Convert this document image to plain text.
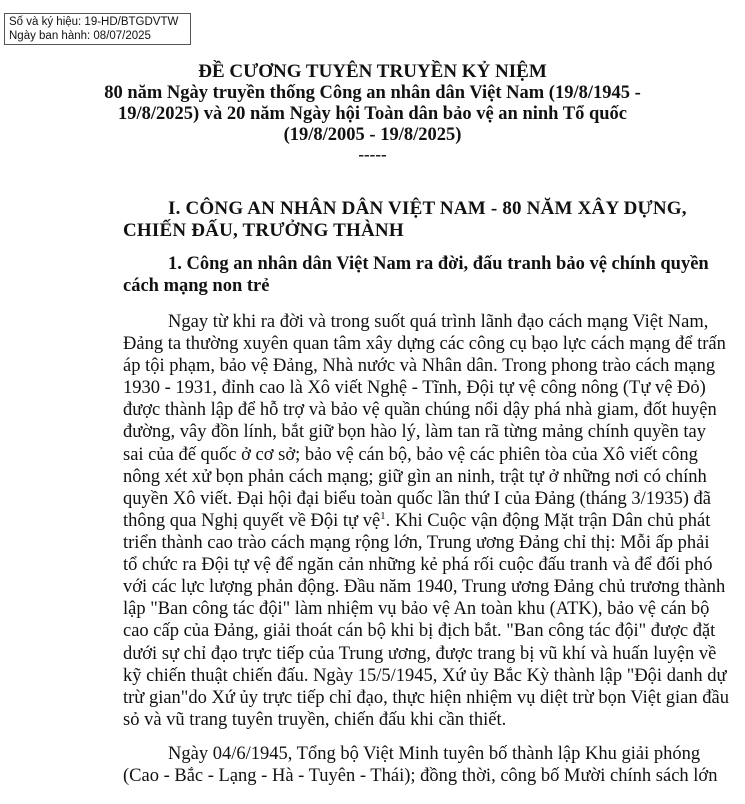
Số và ký hiệu: 19-HD/BTGDVTW
Ngày ban hành: 08/07/2025
ĐỀ CƯƠNG TUYÊN TRUYỀN KỶ NIỆM
80 năm Ngày truyền thống Công an nhân dân Việt Nam (19/8/1945 -
19/8/2025) và 20 năm Ngày hội Toàn dân bảo vệ an ninh Tổ quốc
(19/8/2005 - 19/8/2025)
-----
I. CÔNG AN NHÂN DÂN VIỆT NAM - 80 NĂM XÂY DỰNG,
CHIẾN ĐẤU, TRƯỞNG THÀNH
1. Công an nhân dân Việt Nam ra đời, đấu tranh bảo vệ chính quyền
cách mạng non trẻ
Ngay từ khi ra đời và trong suốt quá trình lãnh đạo cách mạng Việt Nam,
Đảng ta thường xuyên quan tâm xây dựng các công cụ bạo lực cách mạng để trấn
áp tội phạm, bảo vệ Đảng, Nhà nước và Nhân dân. Trong phong trào cách mạng
1930 - 1931, đỉnh cao là Xô viết Nghệ - Tĩnh, Đội tự vệ công nông (Tự vệ Đỏ)
được thành lập để hỗ trợ và bảo vệ quần chúng nổi dậy phá nhà giam, đốt huyện
đường, vây đồn lính, bắt giữ bọn hào lý, làm tan rã từng mảng chính quyền tay
sai của đế quốc ở cơ sở; bảo vệ cán bộ, bảo vệ các phiên tòa của Xô viết công
nông xét xử bọn phản cách mạng; giữ gìn an ninh, trật tự ở những nơi có chính
quyền Xô viết. Đại hội đại biểu toàn quốc lần thứ I của Đảng (tháng 3/1935) đã
thông qua Nghị quyết về Đội tự vệ$^1$. Khi Cuộc vận động Mặt trận Dân chủ phát
triển thành cao trào cách mạng rộng lớn, Trung ương Đảng chỉ thị: Mỗi ấp phải
tổ chức ra Đội tự vệ để ngăn cản những kẻ phá rối cuộc đấu tranh và để đối phó
với các lực lượng phản động. Đầu năm 1940, Trung ương Đảng chủ trương thành
lập "Ban công tác đội" làm nhiệm vụ bảo vệ An toàn khu (ATK), bảo vệ cán bộ
cao cấp của Đảng, giải thoát cán bộ khi bị địch bắt. "Ban công tác đội" được đặt
dưới sự chỉ đạo trực tiếp của Trung ương, được trang bị vũ khí và huấn luyện về
kỹ chiến thuật chiến đấu. Ngày 15/5/1945, Xứ ủy Bắc Kỳ thành lập "Đội danh dự
trừ gian"do Xứ ủy trực tiếp chỉ đạo, thực hiện nhiệm vụ diệt trừ bọn Việt gian đầu
sỏ và vũ trang tuyên truyền, chiến đấu khi cần thiết.
Ngày 04/6/1945, Tổng bộ Việt Minh tuyên bố thành lập Khu giải phóng
(Cao - Bắc - Lạng - Hà - Tuyên - Thái); đồng thời, công bố Mười chính sách lớn
